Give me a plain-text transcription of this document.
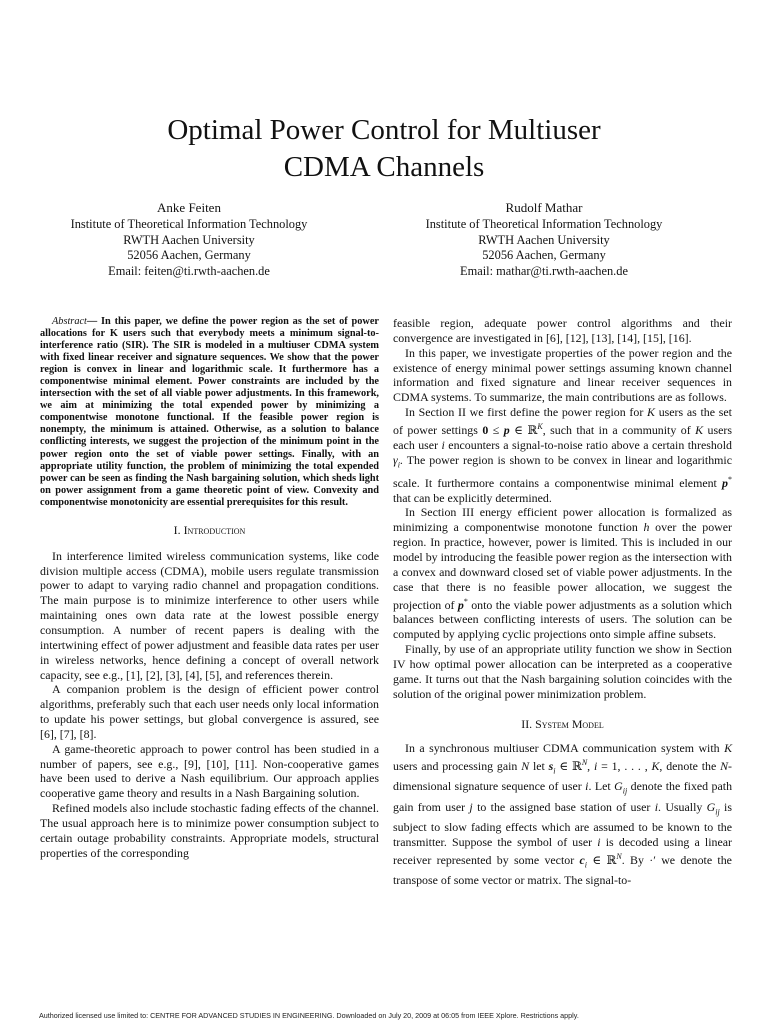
Optimal Power Control for Multiuser
CDMA Channels
Anke Feiten
Institute of Theoretical Information Technology
RWTH Aachen University
52056 Aachen, Germany
Email: feiten@ti.rwth-aachen.de
Rudolf Mathar
Institute of Theoretical Information Technology
RWTH Aachen University
52056 Aachen, Germany
Email: mathar@ti.rwth-aachen.de

Abstract— In this paper, we define the power region as the set of power allocations for K users such that everybody meets a minimum signal-to-interference ratio (SIR). The SIR is modeled in a multiuser CDMA system with fixed linear receiver and signature sequences. We show that the power region is convex in linear and logarithmic scale. It furthermore has a componentwise minimal element. Power constraints are included by the intersection with the set of all viable power adjustments. In this framework, we aim at minimizing the total expended power by minimizing a componentwise monotone functional. If the feasible power region is nonempty, the minimum is attained. Otherwise, as a solution to balance conflicting interests, we suggest the projection of the minimum point in the power region onto the set of viable power settings. Finally, with an appropriate utility function, the problem of minimizing the total expended power can be seen as finding the Nash bargaining solution, which sheds light on power assignment from a game theoretic point of view. Convexity and componentwise monotonicity are essential prerequisites for this result.

I. Introduction

In interference limited wireless communication systems, like code division multiple access (CDMA), mobile users regulate transmission power to adapt to varying radio channel and propagation conditions. The main purpose is to minimize interference to other users while maintaining ones own data rate at the lowest possible energy consumption. A number of recent papers is dealing with the intertwining effect of power adjustment and feasible data rates per user in wireless networks, hence defining a concept of overall network capacity, see e.g., [1], [2], [3], [4], [5], and references therein.

A companion problem is the design of efficient power control algorithms, preferably such that each user needs only local information to update his power settings, but global convergence is assured, see [6], [7], [8].

A game-theoretic approach to power control has been studied in a number of papers, see e.g., [9], [10], [11]. Non-cooperative games have been used to derive a Nash equilibrium. Our approach applies cooperative game theory and results in a Nash Bargaining solution.

Refined models also include stochastic fading effects of the channel. The usual approach here is to minimize power consumption subject to certain outage probability constraints. Appropriate models, structural properties of the corresponding

feasible region, adequate power control algorithms and their convergence are investigated in [6], [12], [13], [14], [15], [16].

In this paper, we investigate properties of the power region and the existence of energy minimal power settings assuming known channel information and fixed signature and linear receiver sequences in CDMA systems. To summarize, the main contributions are as follows.

In Section II we first define the power region for K users as the set of power settings 0 ≤ p ∈ ℝ$^K$, such that in a community of K users each user i encounters a signal-to-noise ratio above a certain threshold $\gamma_i$. The power region is shown to be convex in linear and logarithmic scale. It furthermore contains a componentwise minimal element p* that can be explicitly determined.

In Section III energy efficient power allocation is formalized as minimizing a componentwise monotone function h over the power region. In practice, however, power is limited. This is included in our model by introducing the feasible power region as the intersection with a convex and downward closed set of viable power adjustments. In the case that there is no feasible power allocation, we suggest the projection of p* onto the viable power adjustments as a solution which balances between conflicting interests of users. The solution can be computed by applying cyclic projections onto simple affine subsets.

Finally, by use of an appropriate utility function we show in Section IV how optimal power allocation can be interpreted as a cooperative game. It turns out that the Nash bargaining solution coincides with the solution of the original power minimization problem.

II. System Model

In a synchronous multiuser CDMA communication system with K users and processing gain N let $s_i$ ∈ ℝ$^N$, i = 1, . . . , K, denote the N-dimensional signature sequence of user i. Let $G_{ij}$ denote the fixed path gain from user j to the assigned base station of user i. Usually $G_{ij}$ is subject to slow fading effects which are assumed to be known to the transmitter. Suppose the symbol of user i is decoded using a linear receiver represented by some vector $c_i$ ∈ ℝ$^N$. By ·′ we denote the transpose of some vector or matrix. The signal-to-

Authorized licensed use limited to: CENTRE FOR ADVANCED STUDIES IN ENGINEERING. Downloaded on July 20, 2009 at 06:05 from IEEE Xplore. Restrictions apply.
